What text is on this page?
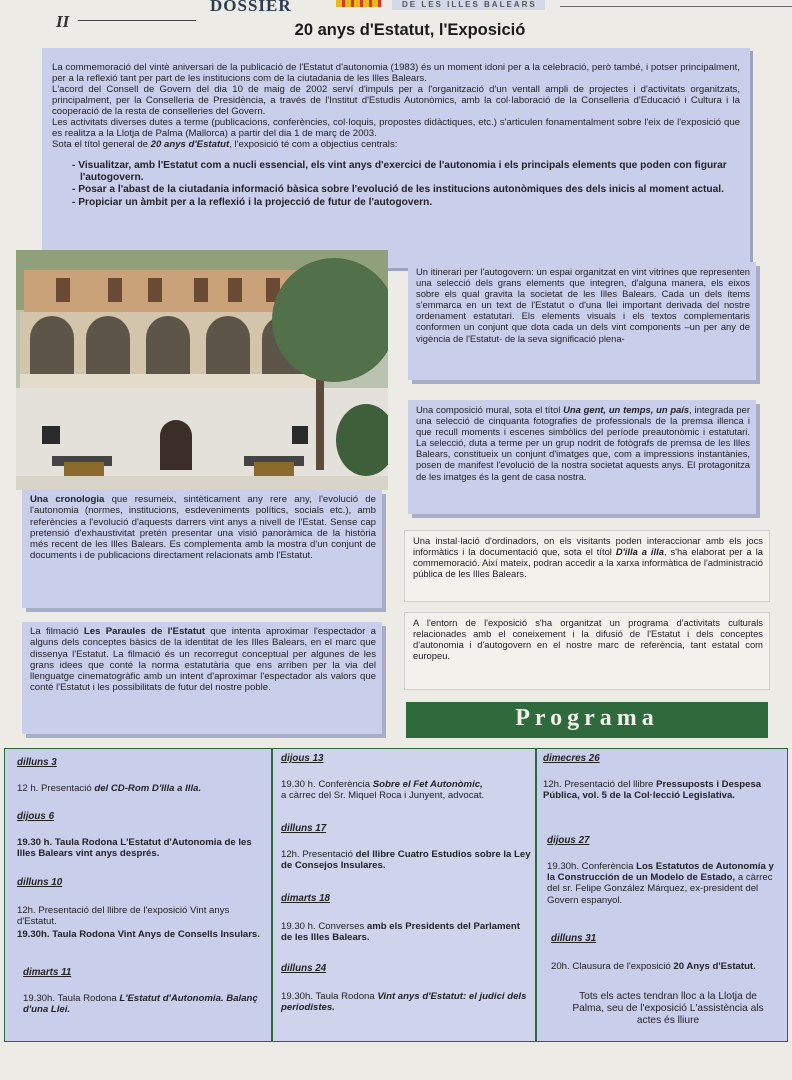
II
DOSSIER	DE LES ILLES BALEARS
20 anys d'Estatut, l'Exposició

La commemoració del vintè aniversari de la publicació de l'Estatut d'autonomia (1983) és un moment idoni per a la celebració, però també, i potser principalment, per a la reflexió tant per part de les institucions com de la ciutadania de les Illes Balears.

L'acord del Consell de Govern del dia 10 de maig de 2002 serví d'impuls per a l'organització d'un ventall ampli de projectes i d'activitats organitzats, principalment, per la Conselleria de Presidència, a través de l'Institut d'Estudis Autonòmics, amb la col·laboració de la Conselleria d'Educació i Cultura i la cooperació de la resta de conselleries del Govern.

Les activitats diverses dutes a terme (publicacions, conferències, col·loquis, propostes didàctiques, etc.) s'articulen fonamentalment sobre l'eix de l'exposició que es realitza a la Llotja de Palma (Mallorca) a partir del dia 1 de març de 2003.

Sota el títol general de 20 anys d'Estatut, l'exposició té com a objectius centrals:

- Visualitzar, amb l'Estatut com a nucli essencial, els vint anys d'exercici de l'autonomia i els principals elements que poden con figurar l'autogovern.
- Posar a l'abast de la ciutadania informació bàsica sobre l'evolució de les institucions autonòmiques des dels inicis al moment actual.
- Propiciar un àmbit per a la reflexió i la projecció de futur de l'autogovern.

Un itinerari per l'autogovern: un espai organitzat en vint vitrines que representen una selecció dels grans elements que integren, d'alguna manera, els eixos sobre els qual gravita la societat de les Illes Balears. Cada un dels ítems s'emmarca en un text de l'Estatut o d'una llei important derivada del nostre ordenament estatutari. Els elements visuals i els textos complementaris conformen un conjunt que dota cada un dels vint components –un per any de vigència de l'Estatut- de la seva significació plena-

Una composició mural, sota el títol Una gent, un temps, un país, integrada per una selecció de cinquanta fotografies de professionals de la premsa illenca i que recull moments i escenes simbòlics del període preautonòmic i estatutari. La selecció, duta a terme per un grup nodrit de fotògrafs de premsa de les Illes Balears, constitueix un conjunt d'imatges que, com a impressions instantànies, posen de manifest l'evolució de la nostra societat aquests anys. El protagonitza de les imatges és la gent de casa nostra.

Una cronologia que resumeix, sintèticament any rere any, l'evolució de l'autonomia (normes, institucions, esdeveniments polítics, socials etc.), amb referències a l'evolució d'aquests darrers vint anys a nivell de l'Estat. Sense cap pretensió d'exhaustivitat pretén presentar una visió panoràmica de la història més recent de les Illes Balears. Es complementa amb la mostra d'un conjunt de documents i de publicacions directament relacionats amb l'Estatut.

Una instal·lació d'ordinadors, on els visitants poden interaccionar amb els jocs informàtics i la documentació que, sota el títol D'illa a illa, s'ha elaborat per a la commemoració. Així mateix, podran accedir a la xarxa informàtica de l'administració pública de les Illes Balears.

A l'entorn de l'exposició s'ha organitzat un programa d'activitats culturals relacionades amb el coneixement i la difusió de l'Estatut i dels conceptes d'autonomia i d'autogovern en el nostre marc de referència, tant estatal com europeu.

La filmació Les Paraules de l'Estatut que intenta aproximar l'espectador a alguns dels conceptes bàsics de la identitat de les Illes Balears, en el marc que dissenya l'Estatut. La filmació és un recorregut conceptual per algunes de les grans idees que conté la norma estatutària que ens arriben per la via del llenguatge cinematogràfic amb un intent d'aproximar l'espectador als valors que conté l'Estatut i les possibilitats de futur del nostre poble.

Programa
dilluns 3
12 h. Presentació del CD-Rom D'Illa a Illa.
dijous 6
19.30 h. Taula Rodona L'Estatut d'Autonomia de les Illes Balears vint anys després.
dilluns 10
12h. Presentació del llibre de l'exposició Vint anys d'Estatut.
19.30h. Taula Rodona Vint Anys de Consells Insulars.
dimarts 11
19.30h. Taula Rodona L'Estatut d'Autonomia. Balanç d'una Llei.
dijous 13
19.30 h. Conferència Sobre el Fet Autonòmic,
a càrrec del Sr. Miquel Roca i Junyent, advocat.
dilluns 17
12h. Presentació del llibre Cuatro Estudios sobre la Ley de Consejos Insulares.
dimarts 18
19.30 h. Converses amb els Presidents del Parlament de les Illes Balears.
dilluns 24
19.30h. Taula Rodona Vint anys d'Estatut: el judici dels periodistes.
dimecres 26
12h. Presentació del llibre Pressuposts i Despesa Pública, vol. 5 de la Col·lecció Legislativa.
dijous 27
19.30h. Conferència Los Estatutos de Autonomía y la Construcción de un Modelo de Estado, a càrrec del sr. Felipe González Márquez, ex-president del Govern espanyol.
dilluns 31
20h. Clausura de l'exposició 20 Anys d'Estatut.
Tots els actes tendran lloc a la Llotja de Palma, seu de l'exposició L'assistència als actes és lliure
